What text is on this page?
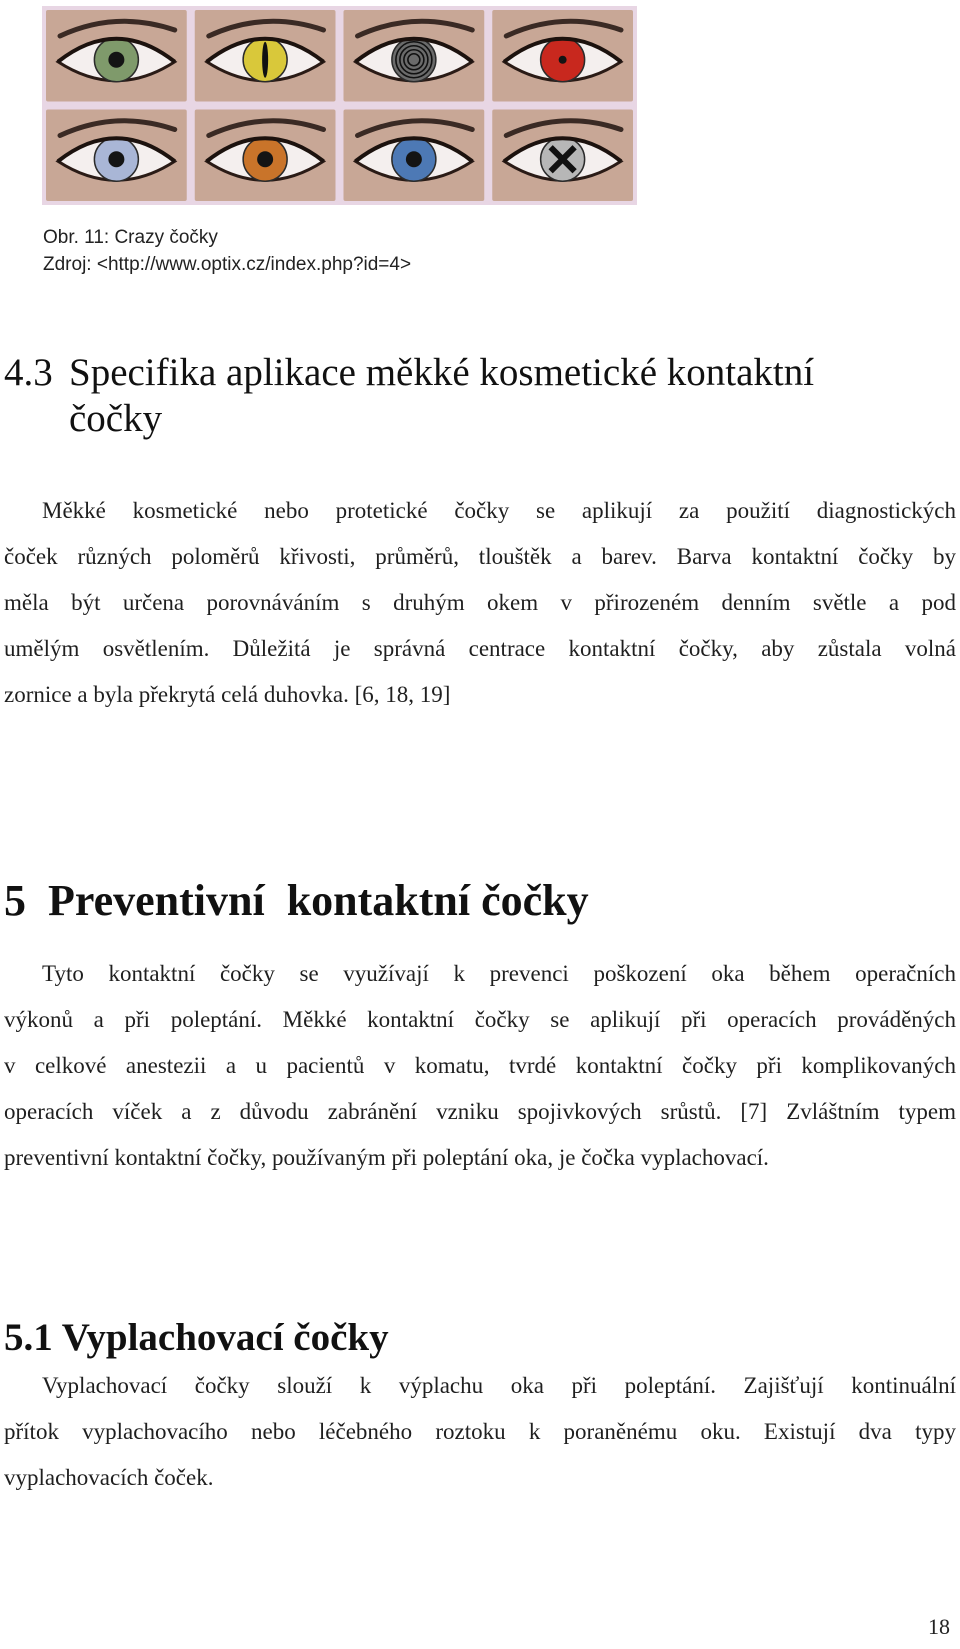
Obr. 11: Crazy čočky
Zdroj: <http://www.optix.cz/index.php?id=4>
4.3 Specifika aplikace měkké kosmetické kontaktní
čočky

Měkké kosmetické nebo protetické čočky se aplikují za použití diagnostických
čoček různých poloměrů křivosti, průměrů, tlouštěk a barev. Barva kontaktní čočky by
měla být určena porovnáváním s druhým okem v přirozeném denním světle a pod
umělým osvětlením. Důležitá je správná centrace kontaktní čočky, aby zůstala volná
zornice a byla překrytá celá duhovka. [6, 18, 19]

5  Preventivní  kontaktní čočky

Tyto kontaktní čočky se využívají k prevenci poškození oka během operačních
výkonů a při poleptání. Měkké kontaktní čočky se aplikují při operacích prováděných
v celkové anestezii a u pacientů v komatu, tvrdé kontaktní čočky při komplikovaných
operacích víček a z důvodu zabránění vzniku spojivkových srůstů. [7] Zvláštním typem
preventivní kontaktní čočky, používaným při poleptání oka, je čočka vyplachovací.

5.1 Vyplachovací čočky

Vyplachovací čočky slouží k výplachu oka při poleptání. Zajišťují kontinuální
přítok vyplachovacího nebo léčebného roztoku k poraněnému oku. Existují dva typy
vyplachovacích čoček.

18
